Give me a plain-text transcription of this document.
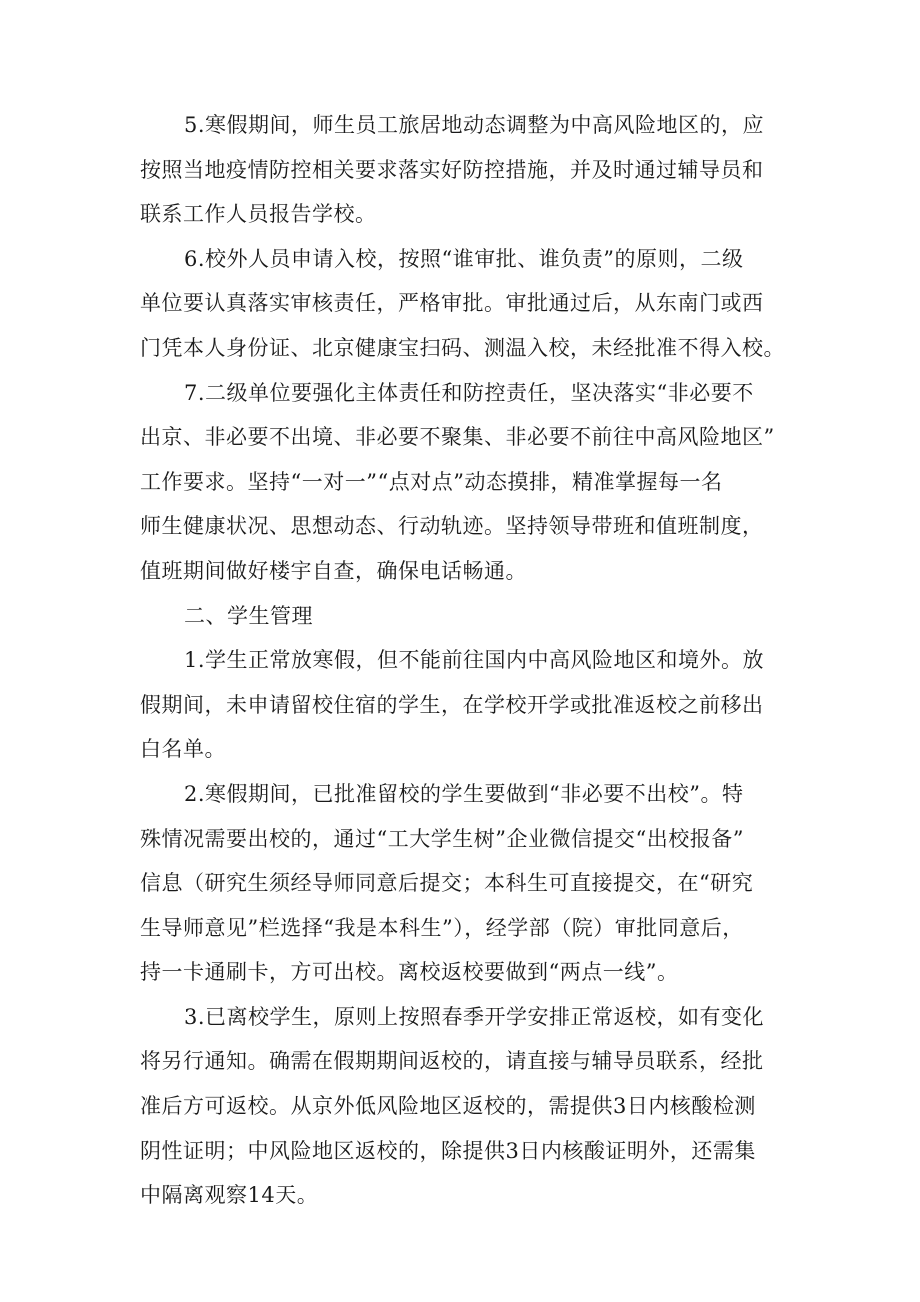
5.寒假期间，师生员工旅居地动态调整为中高风险地区的，应
按照当地疫情防控相关要求落实好防控措施，并及时通过辅导员和
联系工作人员报告学校。
6.校外人员申请入校，按照“谁审批、谁负责”的原则，二级
单位要认真落实审核责任，严格审批。审批通过后，从东南门或西
门凭本人身份证、北京健康宝扫码、测温入校，未经批准不得入校。
7.二级单位要强化主体责任和防控责任，坚决落实“非必要不
出京、非必要不出境、非必要不聚集、非必要不前往中高风险地区”
工作要求。坚持“一对一”“点对点”动态摸排，精准掌握每一名
师生健康状况、思想动态、行动轨迹。坚持领导带班和值班制度，
值班期间做好楼宇自查，确保电话畅通。
二、学生管理
1.学生正常放寒假，但不能前往国内中高风险地区和境外。放
假期间，未申请留校住宿的学生，在学校开学或批准返校之前移出
白名单。
2.寒假期间，已批准留校的学生要做到“非必要不出校”。特
殊情况需要出校的，通过“工大学生树”企业微信提交“出校报备”
信息（研究生须经导师同意后提交；本科生可直接提交，在“研究
生导师意见”栏选择“我是本科生”），经学部（院）审批同意后，
持一卡通刷卡，方可出校。离校返校要做到“两点一线”。
3.已离校学生，原则上按照春季开学安排正常返校，如有变化
将另行通知。确需在假期期间返校的，请直接与辅导员联系，经批
准后方可返校。从京外低风险地区返校的，需提供3日内核酸检测
阴性证明；中风险地区返校的，除提供3日内核酸证明外，还需集
中隔离观察14天。
